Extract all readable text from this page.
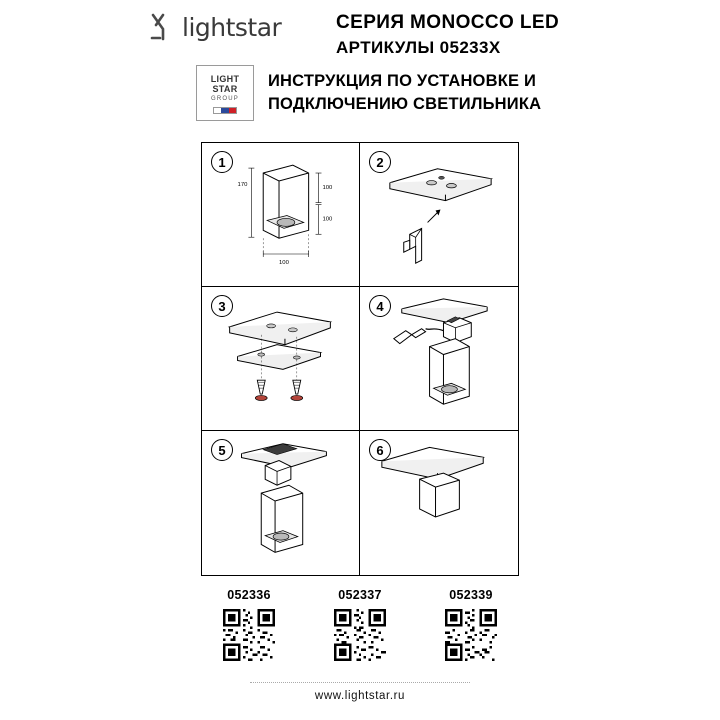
lightstar	СЕРИЯ MONOCCO LED
АРТИКУЛЫ 05233X
LIGHT
STAR
GROUP
ИНСТРУКЦИЯ ПО УСТАНОВКЕ И
ПОДКЛЮЧЕНИЮ СВЕТИЛЬНИКА
1
170	100
100
100
2
3	4
5	6
052336	052337	052339
www.lightstar.ru
